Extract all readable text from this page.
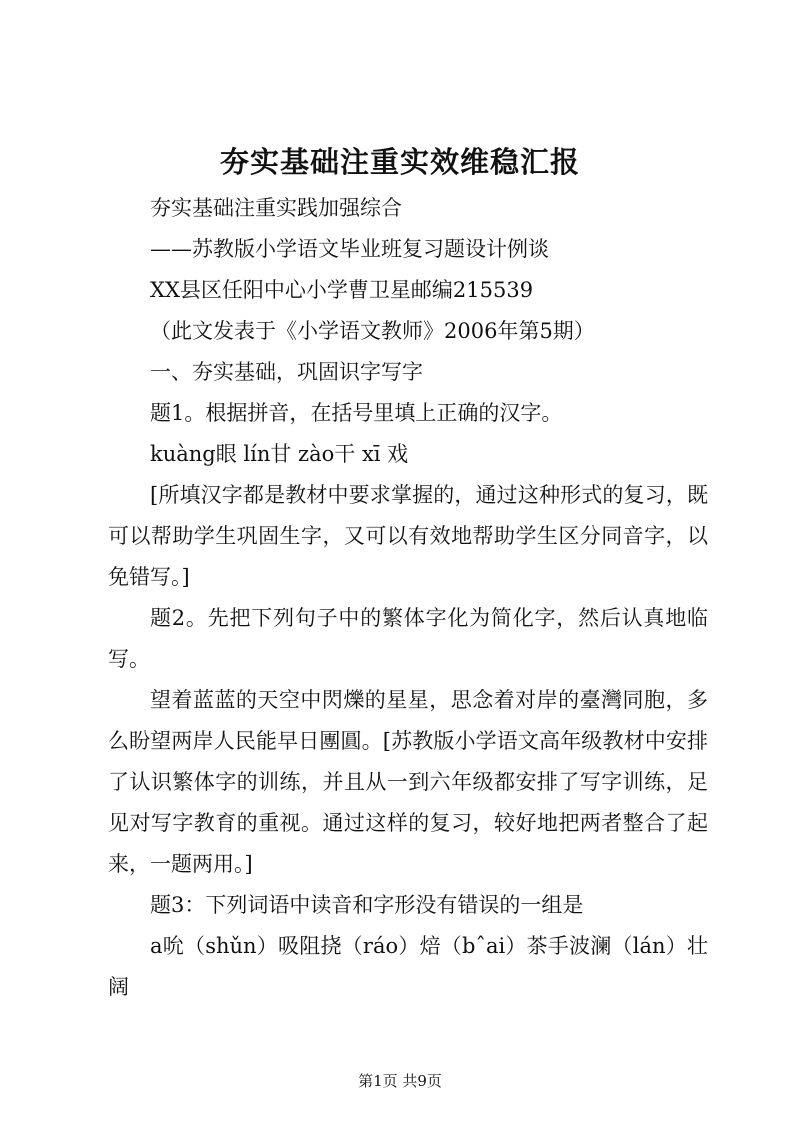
夯实基础注重实效维稳汇报

夯实基础注重实践加强综合

——苏教版小学语文毕业班复习题设计例谈

XX县区任阳中心小学曹卫星邮编215539

（此文发表于《小学语文教师》2006年第5期）

一、夯实基础，巩固识字写字

题1。根据拼音，在括号里填上正确的汉字。

kuàng眼 lín甘 zào干 xī 戏

[所填汉字都是教材中要求掌握的，通过这种形式的复习，既可以帮助学生巩固生字，又可以有效地帮助学生区分同音字，以免错写。]

题2。先把下列句子中的繁体字化为简化字，然后认真地临写。

望着蓝蓝的天空中閃爍的星星，思念着对岸的臺灣同胞，多么盼望两岸人民能早日團圓。[苏教版小学语文高年级教材中安排了认识繁体字的训练，并且从一到六年级都安排了写字训练，足见对写字教育的重视。通过这样的复习，较好地把两者整合了起来，一题两用。]

题3：下列词语中读音和字形没有错误的一组是

a吮（shǔn）吸阻挠（ráo）焙（bˆai）茶手波澜（lán）壮阔

第1页 共9页
